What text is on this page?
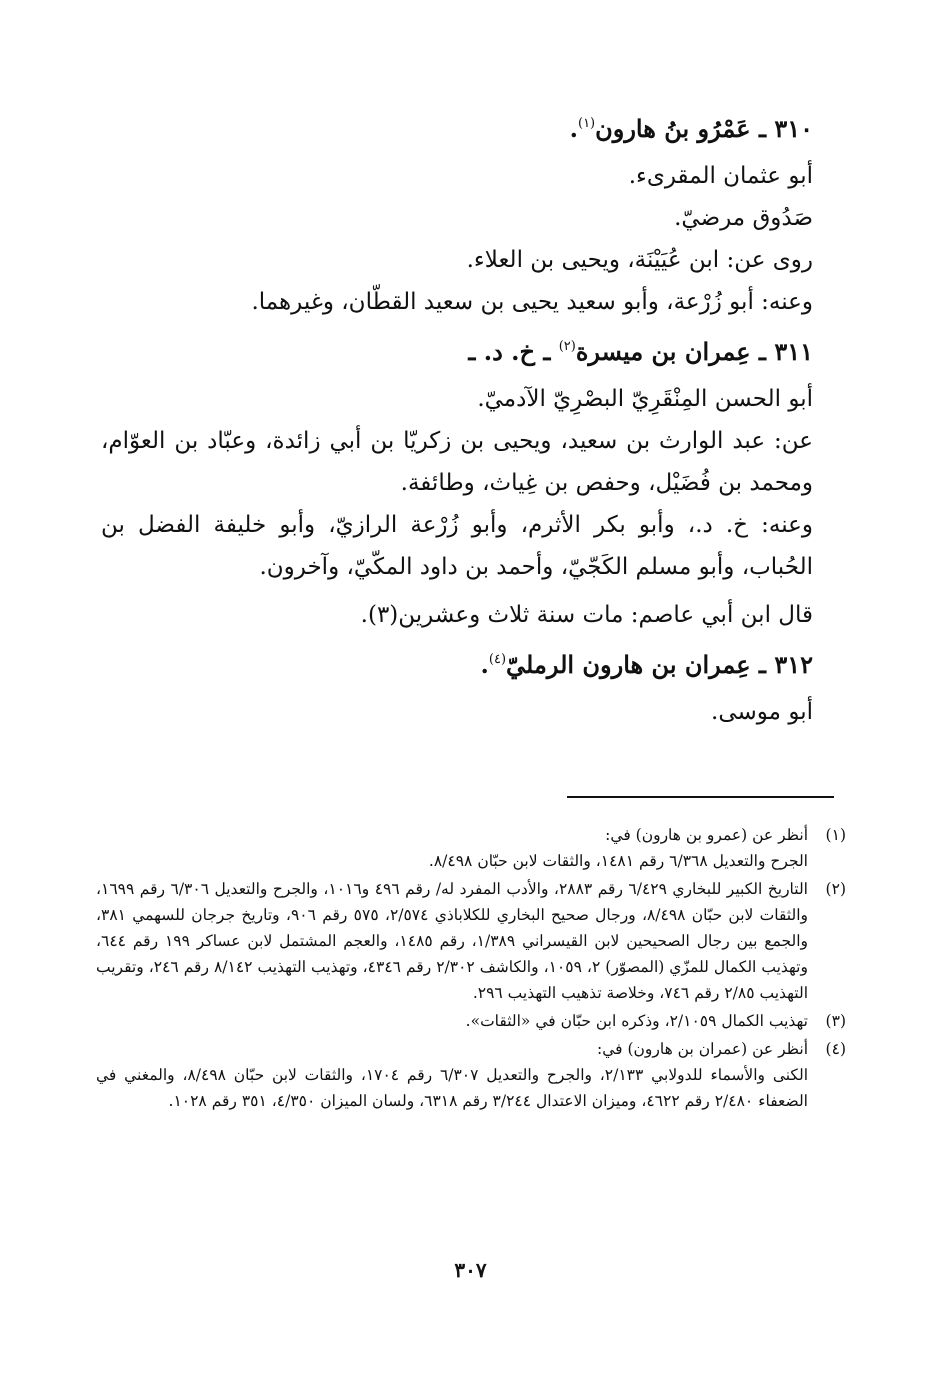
٣١٠ ـ عَمْرُو بنُ هارون$^{(١)}$.
أبو عثمان المقرىء.
صَدُوق مرضيّ.
روى عن: ابن عُيَيْنَة، ويحيى بن العلاء.
وعنه: أبو زُرْعة، وأبو سعيد يحيى بن سعيد القطّان، وغيرهما.
٣١١ ـ عِمران بن ميسرة$^{(٢)}$ ـ خ. د. ـ
أبو الحسن المِنْقَرِيّ البصْرِيّ الآدميّ.
عن: عبد الوارث بن سعيد، ويحيى بن زكريّا بن أبي زائدة، وعبّاد بن العوّام، ومحمد بن فُضَيْل، وحفص بن غِياث، وطائفة.
وعنه: خ. د.، وأبو بكر الأثرم، وأبو زُرْعة الرازيّ، وأبو خليفة الفضل بن الحُباب، وأبو مسلم الكَجّيّ، وأحمد بن داود المكّيّ، وآخرون.
قال ابن أبي عاصم: مات سنة ثلاث وعشرين(٣).
٣١٢ ـ عِمران بن هارون الرمليّ$^{(٤)}$.
أبو موسى.
(١)
أنظر عن (عمرو بن هارون) في:
الجرح والتعديل ٦/٣٦٨ رقم ١٤٨١، والثقات لابن حبّان ٨/٤٩٨.
(٢)
التاريخ الكبير للبخاري ٦/٤٢٩ رقم ٢٨٨٣، والأدب المفرد له/ رقم ٤٩٦ و١٠١٦، والجرح والتعديل ٦/٣٠٦ رقم ١٦٩٩، والثقات لابن حبّان ٨/٤٩٨، ورجال صحيح البخاري للكلاباذي ٢/٥٧٤، ٥٧٥ رقم ٩٠٦، وتاريخ جرجان للسهمي ٣٨١، والجمع بين رجال الصحيحين لابن القيسراني ١/٣٨٩، رقم ١٤٨٥، والعجم المشتمل لابن عساكر ١٩٩ رقم ٦٤٤، وتهذيب الكمال للمزّي (المصوّر) ٢، ١٠٥٩، والكاشف ٢/٣٠٢ رقم ٤٣٤٦، وتهذيب التهذيب ٨/١٤٢ رقم ٢٤٦، وتقريب التهذيب ٢/٨٥ رقم ٧٤٦، وخلاصة تذهيب التهذيب ٢٩٦.
(٣)
تهذيب الكمال ٢/١٠٥٩، وذكره ابن حبّان في «الثقات».
(٤)
أنظر عن (عمران بن هارون) في:
الكنى والأسماء للدولابي ٢/١٣٣، والجرح والتعديل ٦/٣٠٧ رقم ١٧٠٤، والثقات لابن حبّان ٨/٤٩٨، والمغني في الضعفاء ٢/٤٨٠ رقم ٤٦٢٢، وميزان الاعتدال ٣/٢٤٤ رقم ٦٣١٨، ولسان الميزان ٤/٣٥٠، ٣٥١ رقم ١٠٢٨.
٣٠٧
